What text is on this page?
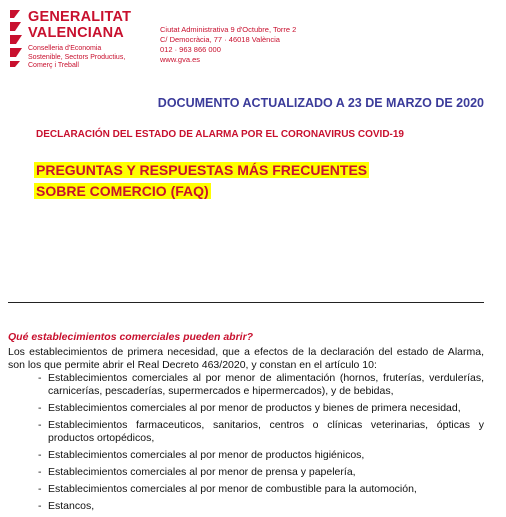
GENERALITAT
VALENCIANA
Conselleria d'Economia
Sostenible, Sectors Productius,
Comerç i Treball
Ciutat Administrativa 9 d'Octubre, Torre 2
C/ Democràcia, 77 · 46018 València
012 · 963 866 000
www.gva.es
DOCUMENTO ACTUALIZADO A 23 DE MARZO DE 2020
DECLARACIÓN DEL ESTADO DE ALARMA POR EL CORONAVIRUS COVID-19
PREGUNTAS Y RESPUESTAS MÁS FRECUENTES
SOBRE COMERCIO (FAQ)
Qué establecimientos comerciales pueden abrir?
Los establecimientos de primera necesidad, que a efectos de la declaración del estado de Alarma, son los que permite abrir el Real Decreto 463/2020, y constan en el artículo 10:
- Establecimientos comerciales al por menor de alimentación (hornos, fruterías, verdulerías, carnicerías, pescaderías, supermercados e hipermercados), y de bebidas,
- Establecimientos comerciales al por menor de productos y bienes de primera necesidad,
- Establecimientos farmaceuticos, sanitarios, centros o clínicas veterinarias, ópticas y productos ortopédicos,
- Establecimientos comerciales al por menor de productos higiénicos,
- Establecimientos comerciales al por menor de prensa y papelería,
- Establecimientos comerciales al por menor de combustible para la automoción,
- Estancos,
